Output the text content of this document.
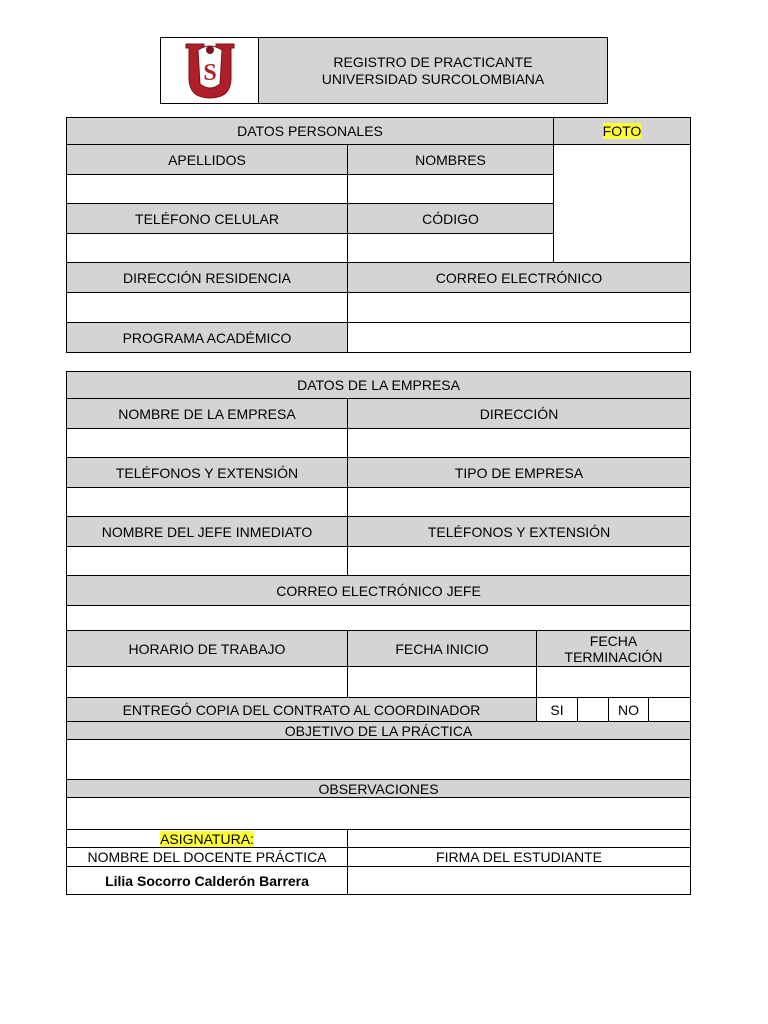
S	REGISTRO DE PRACTICANTE
UNIVERSIDAD SURCOLOMBIANA
DATOS PERSONALES		FOTO
APELLIDOS	NOMBRES	

TELÉFONO CELULAR	CÓDIGO	

DIRECCIÓN RESIDENCIA	CORREO ELECTRÓNICO	

PROGRAMA ACADÉMICO		
DATOS DE LA EMPRESA					
NOMBRE DE LA EMPRESA	DIRECCIÓN				

TELÉFONOS Y EXTENSIÓN	TIPO DE EMPRESA				

NOMBRE DEL JEFE INMEDIATO	TELÉFONOS Y EXTENSIÓN				

CORREO ELECTRÓNICO JEFE					

HORARIO DE TRABAJO	FECHA INICIO	FECHA
TERMINACIÓN			

ENTREGÓ COPIA DEL CONTRATO AL COORDINADOR		SI		NO	
OBJETIVO DE LA PRÁCTICA					

OBSERVACIONES					

ASIGNATURA:					
NOMBRE DEL DOCENTE PRÁCTICA	FIRMA DEL ESTUDIANTE				
Lilia Socorro Calderón Barrera					
